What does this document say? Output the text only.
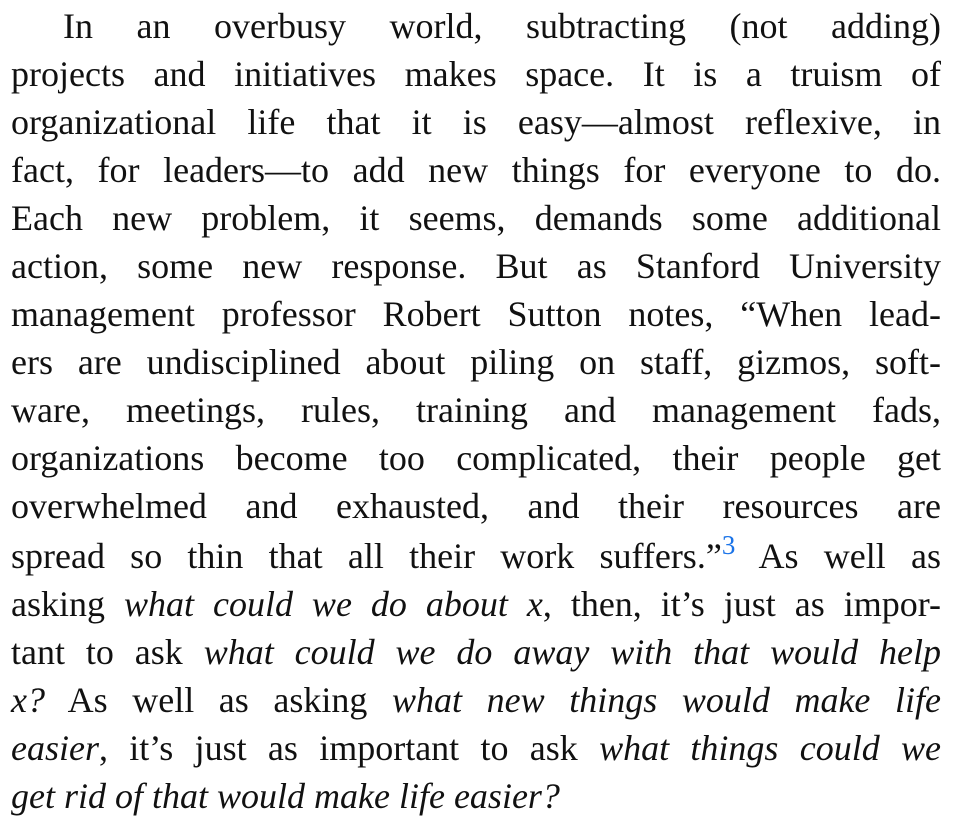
In an overbusy world, subtracting (not adding)
projects and initiatives makes space. It is a truism of
organizational life that it is easy—almost reflexive, in
fact, for leaders—to add new things for everyone to do.
Each new problem, it seems, demands some additional
action, some new response. But as Stanford University
management professor Robert Sutton notes, “When lead-
ers are undisciplined about piling on staff, gizmos, soft-
ware, meetings, rules, training and management fads,
organizations become too complicated, their people get
overwhelmed and exhausted, and their resources are
spread so thin that all their work suffers.”$^3$ As well as
asking what could we do about x, then, it’s just as impor-
tant to ask what could we do away with that would help
x? As well as asking what new things would make life
easier, it’s just as important to ask what things could we
get rid of that would make life easier?
